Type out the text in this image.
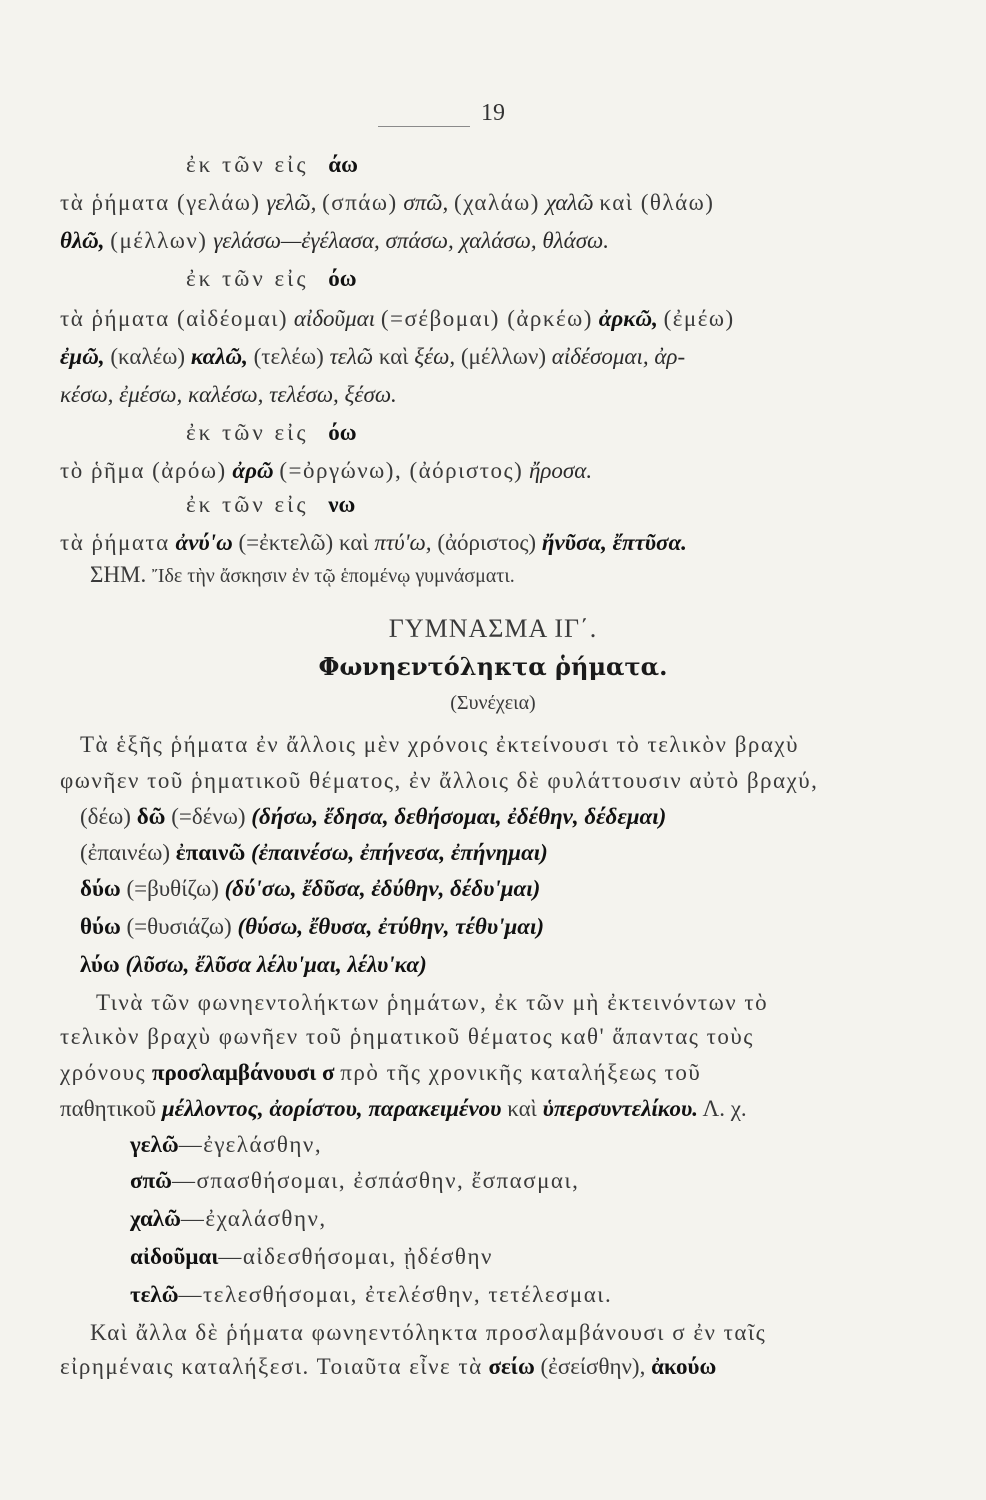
19
ἐκ τῶν εἰς άω
τὰ ῥήματα (γελάω) γελῶ, (σπάω) σπῶ, (χαλάω) χαλῶ καὶ (θλάω)
θλῶ, (μέλλων) γελάσω—ἐγέλασα, σπάσω, χαλάσω, θλάσω.
ἐκ τῶν εἰς όω
τὰ ῥήματα (αἰδέομαι) αἰδοῦμαι (=σέβομαι) (ἀρκέω) ἀρκῶ, (ἐμέω)
ἐμῶ, (καλέω) καλῶ, (τελέω) τελῶ καὶ ξέω, (μέλλων) αἰδέσομαι, ἀρ-
κέσω, ἐμέσω, καλέσω, τελέσω, ξέσω.
ἐκ τῶν εἰς όω
τὸ ῥῆμα (ἀρόω) ἀρῶ (=ὀργώνω), (ἀόριστος) ἤροσα.
ἐκ τῶν εἰς νω
τὰ ῥήματα ἀνύ'ω (=ἐκτελῶ) καὶ πτύ'ω, (ἀόριστος) ἤνῦσα, ἔπτῦσα.
ΣΗΜ. Ἴδε τὴν ἄσκησιν ἐν τῷ ἑπομένῳ γυμνάσματι.
ΓΥΜΝΑΣΜΑ ΙΓ΄.
Φωνηεντόληκτα ῥήματα.
(Συνέχεια)
Τὰ ἑξῆς ῥήματα ἐν ἄλλοις μὲν χρόνοις ἐκτείνουσι τὸ τελικὸν βραχὺ
φωνῆεν τοῦ ῥηματικοῦ θέματος, ἐν ἄλλοις δὲ φυλάττουσιν αὐτὸ βραχύ,
(δέω) δῶ (=δένω) (δήσω, ἔδησα, δεθήσομαι, ἐδέθην, δέδεμαι)
(ἐπαινέω) ἐπαινῶ (ἐπαινέσω, ἐπήνεσα, ἐπήνημαι)
δύω (=βυθίζω) (δύ'σω, ἔδῦσα, ἐδύθην, δέδυ'μαι)
θύω (=θυσιάζω) (θύσω, ἔθυσα, ἐτύθην, τέθυ'μαι)
λύω (λῦσω, ἔλῦσα λέλυ'μαι, λέλυ'κα)
Τινὰ τῶν φωνηεντολήκτων ῥημάτων, ἐκ τῶν μὴ ἐκτεινόντων τὸ
τελικὸν βραχὺ φωνῆεν τοῦ ῥηματικοῦ θέματος καθ' ἅπαντας τοὺς
χρόνους προσλαμβάνουσι σ πρὸ τῆς χρονικῆς καταλήξεως τοῦ
παθητικοῦ μέλλοντος, ἀορίστου, παρακειμένου καὶ ὑπερσυντελίκου. Λ. χ.
γελῶ—ἐγελάσθην,
σπῶ—σπασθήσομαι, ἐσπάσθην, ἔσπασμαι,
χαλῶ—ἐχαλάσθην,
αἰδοῦμαι—αἰδεσθήσομαι, ᾐδέσθην
τελῶ—τελεσθήσομαι, ἐτελέσθην, τετέλεσμαι.
Καὶ ἄλλα δὲ ῥήματα φωνηεντόληκτα προσλαμβάνουσι σ ἐν ταῖς
εἰρημέναις καταλήξεσι. Τοιαῦτα εἶνε τὰ σείω (ἐσείσθην), ἀκούω
